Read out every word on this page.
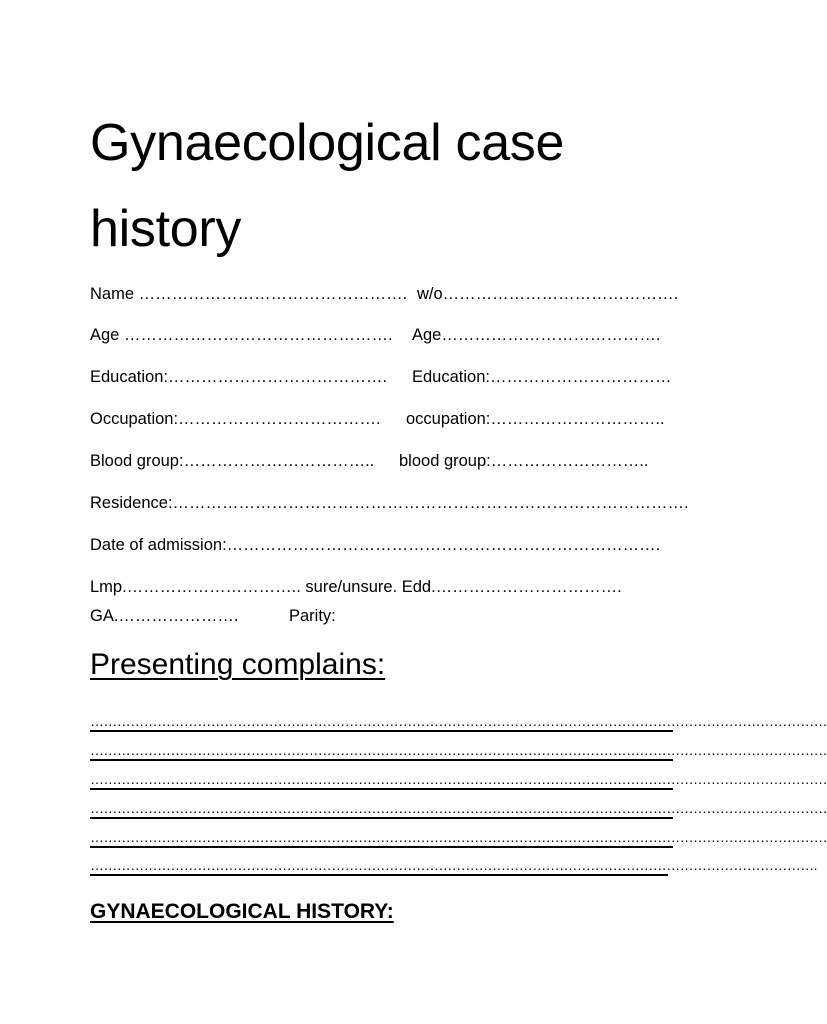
Gynaecological case
history
Name …………………………………………. w/o…………………………………….
Age …………………………………………. Age………………………………….
Education:…………………………………. Education:……………………………
Occupation:………………………………. occupation:…………………………..
Blood group:…………………………….. blood group:………………………..
Residence:………………………………………………………………………………….
Date of admission:…………………………………………………………………….
Lmp.………………………….. sure/unsure. Edd.…………………………….
GA.………………….	Parity:
Presenting complains:
…………………………………………………………………………………………………………………………………………………
…………………………………………………………………………………………………………………………………………………
…………………………………………………………………………………………………………………………………………………
…………………………………………………………………………………………………………………………………………………
…………………………………………………………………………………………………………………………………………………
……………………………………………………………………………………………………………………………………………….
GYNAECOLOGICAL HISTORY:
